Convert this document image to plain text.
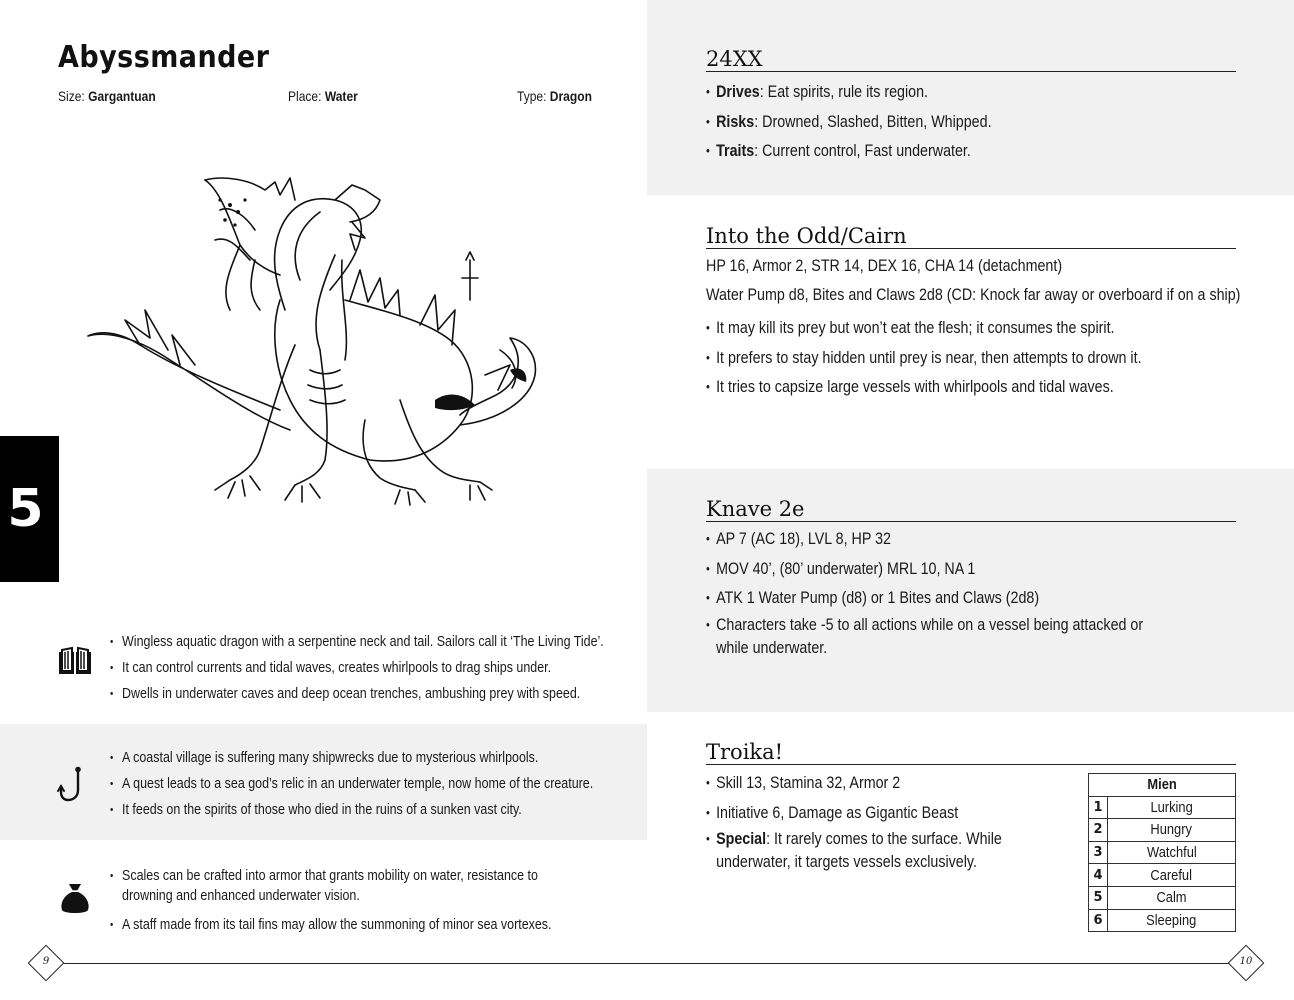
Abyssmander
Size: Gargantuan	Place: Water	Type: Dragon
5
• Wingless aquatic dragon with a serpentine neck and tail. Sailors call it ‘The Living Tide’.
• It can control currents and tidal waves, creates whirlpools to drag ships under.
• Dwells in underwater caves and deep ocean trenches, ambushing prey with speed.
• A coastal village is suffering many shipwrecks due to mysterious whirlpools.
• A quest leads to a sea god’s relic in an underwater temple, now home of the creature.
• It feeds on the spirits of those who died in the ruins of a sunken vast city.
• Scales can be crafted into armor that grants mobility on water, resistance to drowning and enhanced underwater vision.
• A staff made from its tail fins may allow the summoning of minor sea vortexes.
24XX
• Drives: Eat spirits, rule its region.
• Risks: Drowned, Slashed, Bitten, Whipped.
• Traits: Current control, Fast underwater.
Into the Odd/Cairn
HP 16, Armor 2, STR 14, DEX 16, CHA 14 (detachment)
Water Pump d8, Bites and Claws 2d8 (CD: Knock far away or overboard if on a ship)
• It may kill its prey but won’t eat the flesh; it consumes the spirit.
• It prefers to stay hidden until prey is near, then attempts to drown it.
• It tries to capsize large vessels with whirlpools and tidal waves.
Knave 2e
• AP 7 (AC 18), LVL 8, HP 32
• MOV 40’, (80’ underwater) MRL 10, NA 1
• ATK 1 Water Pump (d8) or 1 Bites and Claws (2d8)
• Characters take -5 to all actions while on a vessel being attacked or while underwater.
Troika!
• Skill 13, Stamina 32, Armor 2
• Initiative 6, Damage as Gigantic Beast
• Special: It rarely comes to the surface. While underwater, it targets vessels exclusively.
Mien	
1	Lurking
2	Hungry
3	Watchful
4	Careful
5	Calm
6	Sleeping
9	10
